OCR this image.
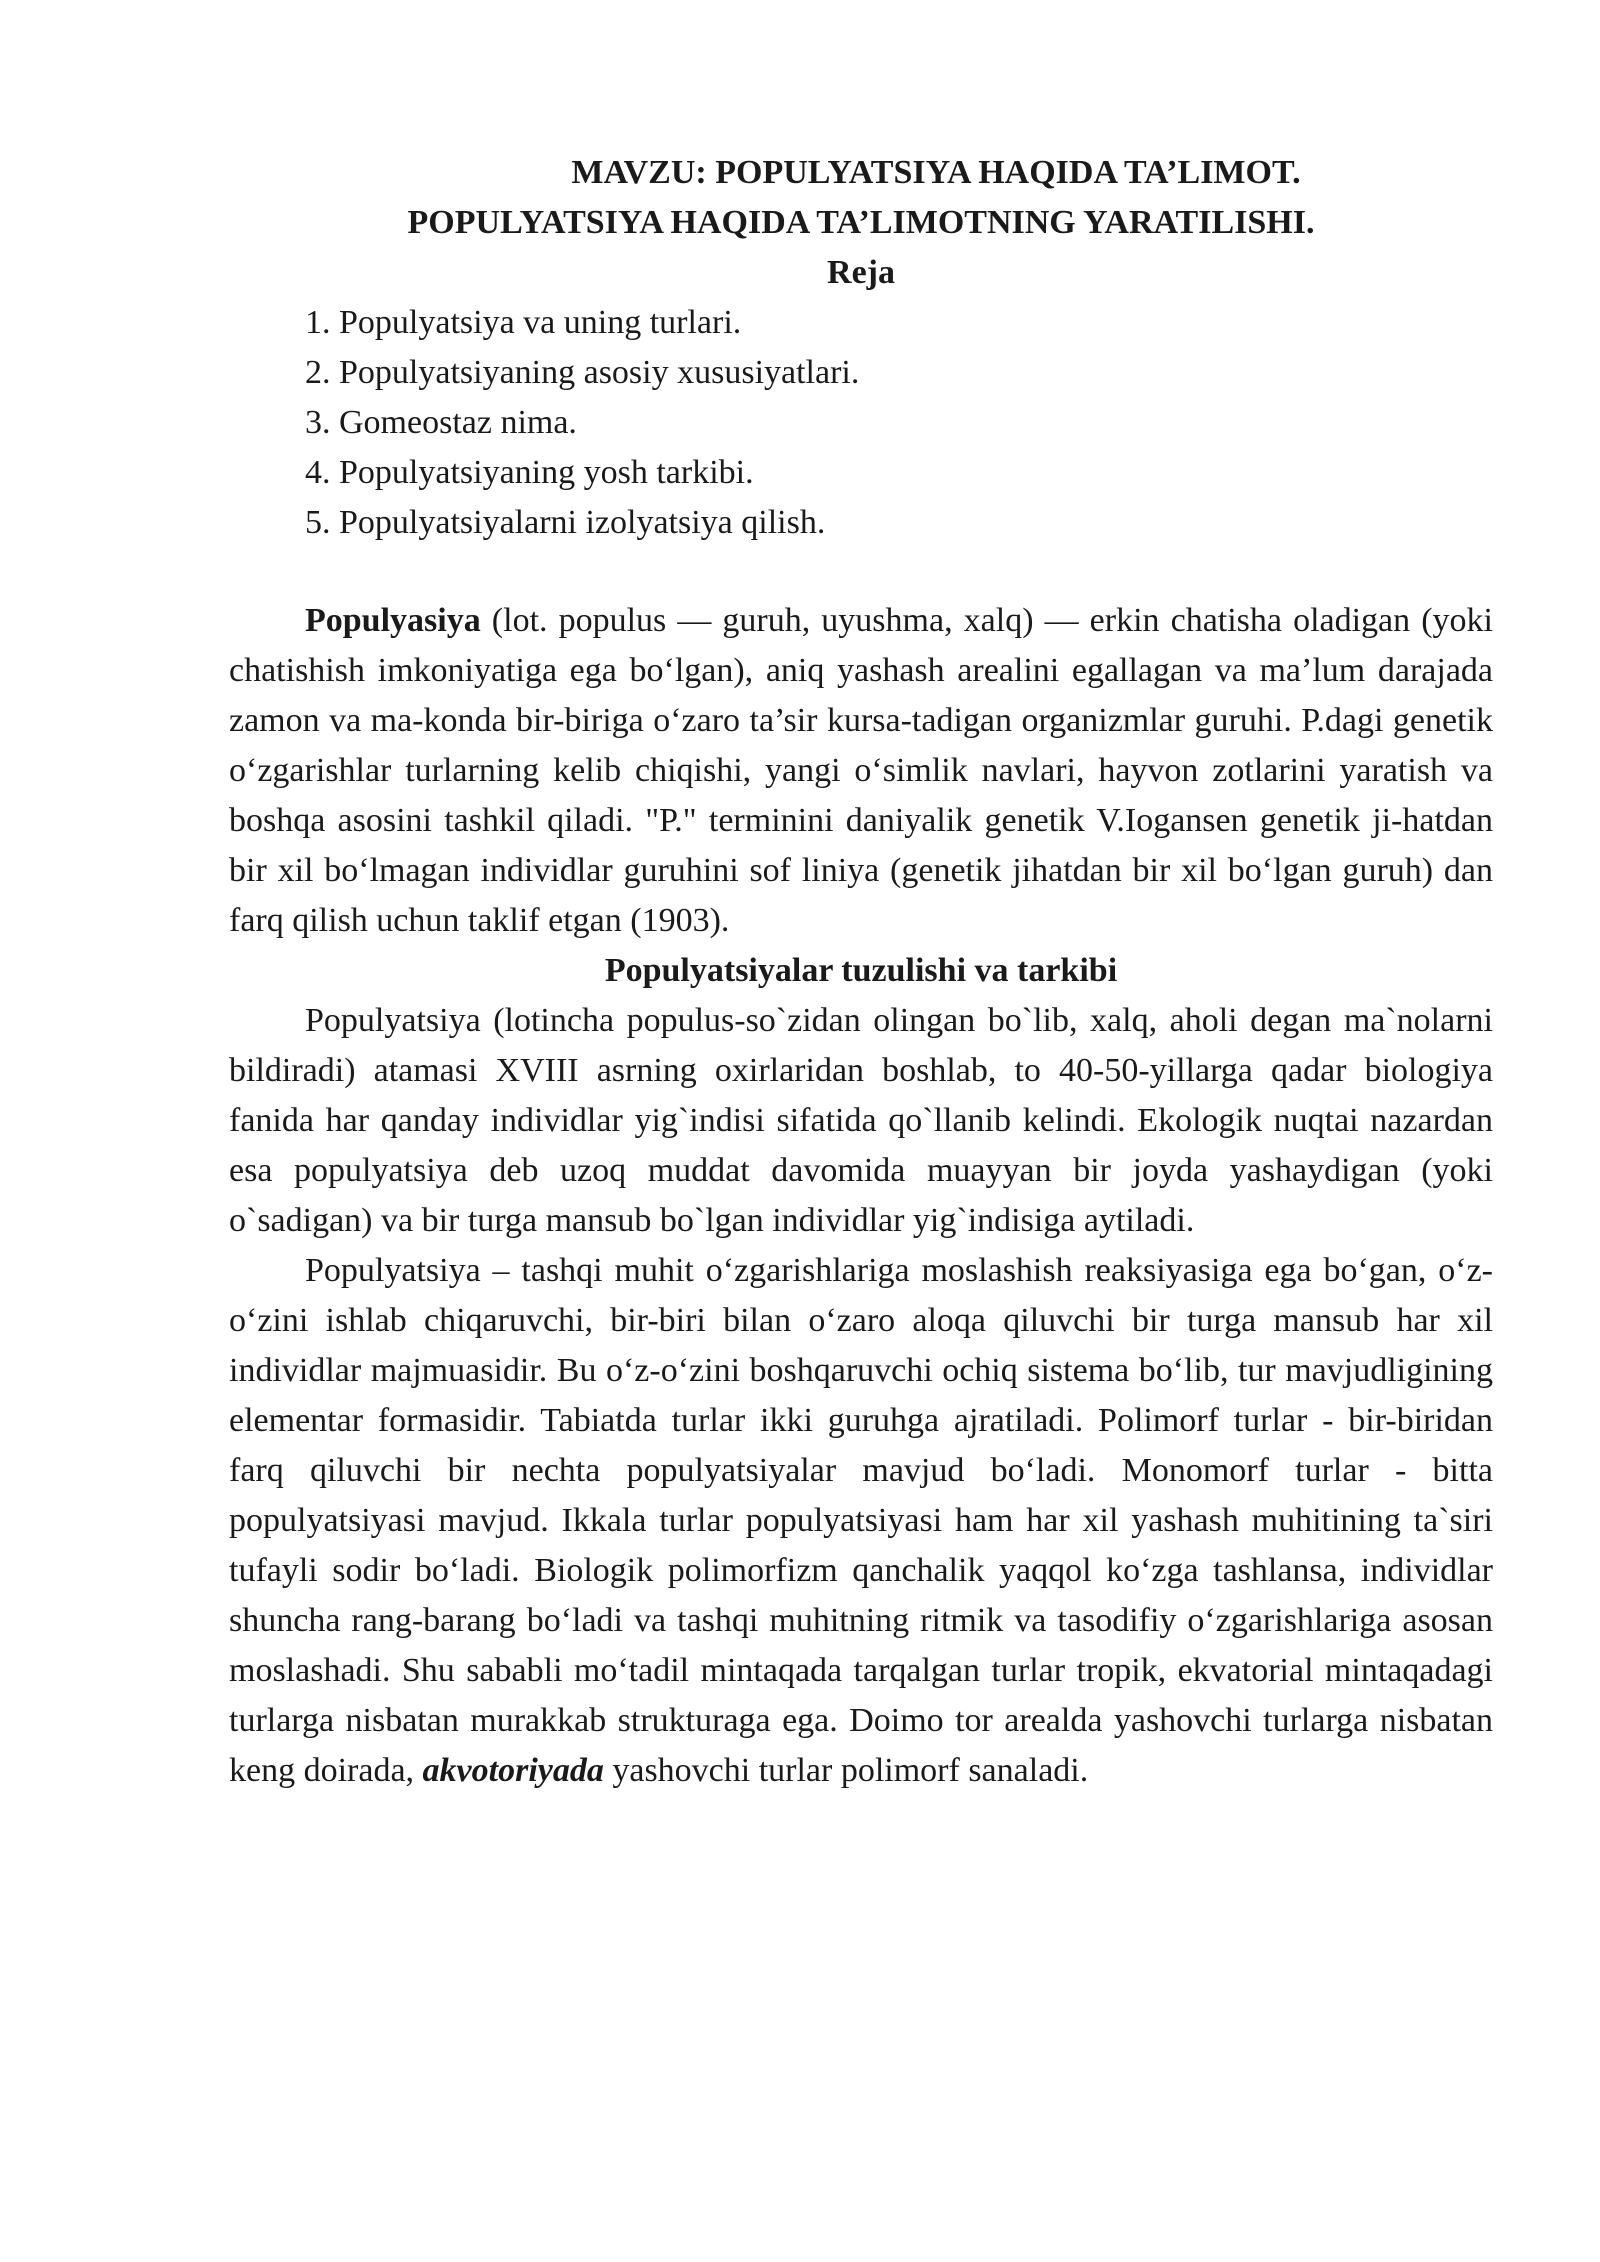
MAVZU: POPULYATSIYA HAQIDA TA’LIMOT.

POPULYATSIYA HAQIDA TA’LIMOTNING YARATILISHI.

Reja

1. Populyatsiya va uning turlari.
2. Populyatsiyaning asosiy xususiyatlari.
3. Gomeostaz nima.
4. Populyatsiyaning yosh tarkibi.
5. Populyatsiyalarni izolyatsiya qilish.

Populyasiya (lot. populus — guruh, uyushma, xalq) — erkin chatisha oladigan (yoki chatishish imkoniyatiga ega bo‘lgan), aniq yashash arealini egallagan va ma’lum darajada zamon va ma-konda bir-biriga o‘zaro ta’sir kursa-tadigan organizmlar guruhi. P.dagi genetik o‘zgarishlar turlarning kelib chiqishi, yangi o‘simlik navlari, hayvon zotlarini yaratish va boshqa asosini tashkil qiladi. "P." terminini daniyalik genetik V.Iogansen genetik ji-hatdan bir xil bo‘lmagan individlar guruhini sof liniya (genetik jihatdan bir xil bo‘lgan guruh) dan farq qilish uchun taklif etgan (1903).

Populyatsiyalar tuzulishi va tarkibi

Populyatsiya (lotincha populus-so`zidan olingan bo`lib, xalq, aholi degan ma`nolarni bildiradi) atamasi XVIII asrning oxirlaridan boshlab, to 40-50-yillarga qadar biologiya fanida har qanday individlar yig`indisi sifatida qo`llanib kelindi. Ekologik nuqtai nazardan esa populyatsiya deb uzoq muddat davomida muayyan bir joyda yashaydigan (yoki o`sadigan) va bir turga mansub bo`lgan individlar yig`indisiga aytiladi.

Populyatsiya – tashqi muhit o‘zgarishlariga moslashish reaksiyasiga ega bo‘gan, o‘z-o‘zini ishlab chiqaruvchi, bir-biri bilan o‘zaro aloqa qiluvchi bir turga mansub har xil individlar majmuasidir. Bu o‘z-o‘zini boshqaruvchi ochiq sistema bo‘lib, tur mavjudligining elementar formasidir. Tabiatda turlar ikki guruhga ajratiladi. Polimorf turlar - bir-biridan farq qiluvchi bir nechta populyatsiyalar mavjud bo‘ladi. Monomorf turlar - bitta populyatsiyasi mavjud. Ikkala turlar populyatsiyasi ham har xil yashash muhitining ta`siri tufayli sodir bo‘ladi. Biologik polimorfizm qanchalik yaqqol ko‘zga tashlansa, individlar shuncha rang-barang bo‘ladi va tashqi muhitning ritmik va tasodifiy o‘zgarishlariga asosan moslashadi. Shu sababli mo‘tadil mintaqada tarqalgan turlar tropik, ekvatorial mintaqadagi turlarga nisbatan murakkab strukturaga ega. Doimo tor arealda yashovchi turlarga nisbatan keng doirada, akvotoriyada yashovchi turlar polimorf sanaladi.
